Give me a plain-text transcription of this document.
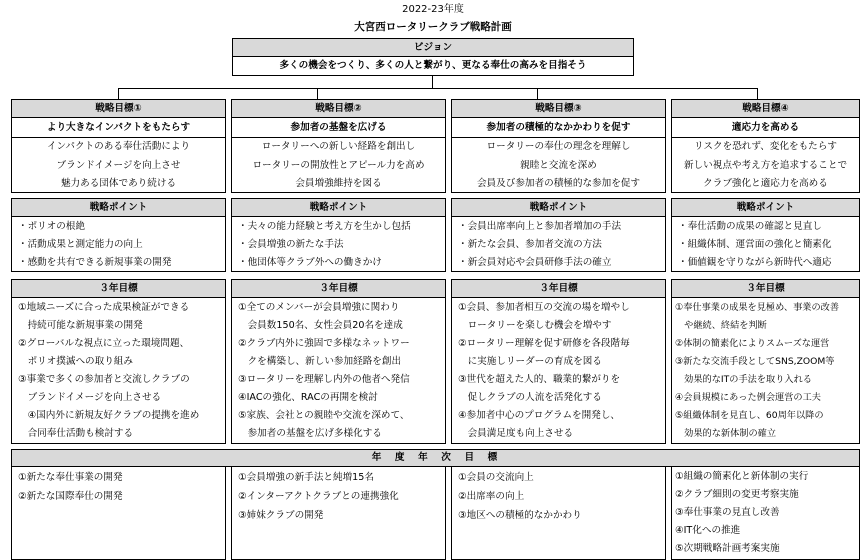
2022-23年度
大宮西ロータリークラブ戦略計画
ビジョン
多くの機会をつくり、多くの人と繋がり、更なる奉仕の高みを目指そう
戦略目標①
より大きなインパクトをもたらす
インパクトのある奉仕活動により
ブランドイメージを向上させ
魅力ある団体であり続ける
戦略ポイント
・ポリオの根絶
・活動成果と測定能力の向上
・感動を共有できる新規事業の開発
３年目標
①地域ニーズに合った成果検証ができる
　持続可能な新規事業の開発
②グローバルな視点に立った環境問題、
　ポリオ撲滅への取り組み
③事業で多くの参加者と交流しクラブの
　ブランドイメージを向上させる
　④国内外に新規友好クラブの提携を進め
　合同奉仕活動も検討する
戦略目標②
参加者の基盤を広げる
ロータリーへの新しい経路を創出し
ロータリーの開放性とアピール力を高め
会員増強維持を図る
戦略ポイント
・夫々の能力経験と考え方を生かし包括
・会員増強の新たな手法
・他団体等クラブ外への働きかけ
３年目標
①全てのメンバーが会員増強に関わり
　会員数150名、女性会員20名を達成
②クラブ内外に強固で多様なネットワー
　クを構築し、新しい参加経路を創出
③ロータリーを理解し内外の他者へ発信
④IACの強化、RACの再開を検討
⑤家族、会社との親睦や交流を深めて、
　参加者の基盤を広げ多様化する
戦略目標③
参加者の積極的なかかわりを促す
ロータリーの奉仕の理念を理解し
親睦と交流を深め
会員及び参加者の積極的な参加を促す
戦略ポイント
・会員出席率向上と参加者増加の手法
・新たな会員、参加者交流の方法
・新会員対応や会員研修手法の確立
３年目標
①会員、参加者相互の交流の場を増やし
　ロータリーを楽しむ機会を増やす
②ロータリー理解を促す研修を各段階毎
　に実施しリーダーの育成を図る
③世代を超えた人的、職業的繋がりを
　促しクラブの人流を活発化する
④参加者中心のプログラムを開発し、
　会員満足度も向上させる
戦略目標④
適応力を高める
リスクを恐れず、変化をもたらす
新しい視点や考え方を追求することで
クラブ強化と適応力を高める
戦略ポイント
・奉仕活動の成果の確認と見直し
・組織体制、運営面の強化と簡素化
・価値観を守りながら新時代へ適応
３年目標
①奉仕事業の成果を見極め、事業の改善
　や継続、終結を判断
②体制の簡素化によりスムーズな運営
③新たな交流手段としてSNS,ZOOM等
　効果的なITの手法を取り入れる
④会員規模にあった例会運営の工夫
⑤組織体制を見直し、60周年以降の
　効果的な新体制の確立
年　度　年　次　目　標
①新たな奉仕事業の開発
②新たな国際奉仕の開発
①会員増強の新手法と純増15名
②インターアクトクラブとの連携強化
③姉妹クラブの開発
①会員の交流向上
②出席率の向上
③地区への積極的なかかわり
①組織の簡素化と新体制の実行
②クラブ細則の変更考察実施
③奉仕事業の見直し改善
④IT化への推進
⑤次期戦略計画考案実施
